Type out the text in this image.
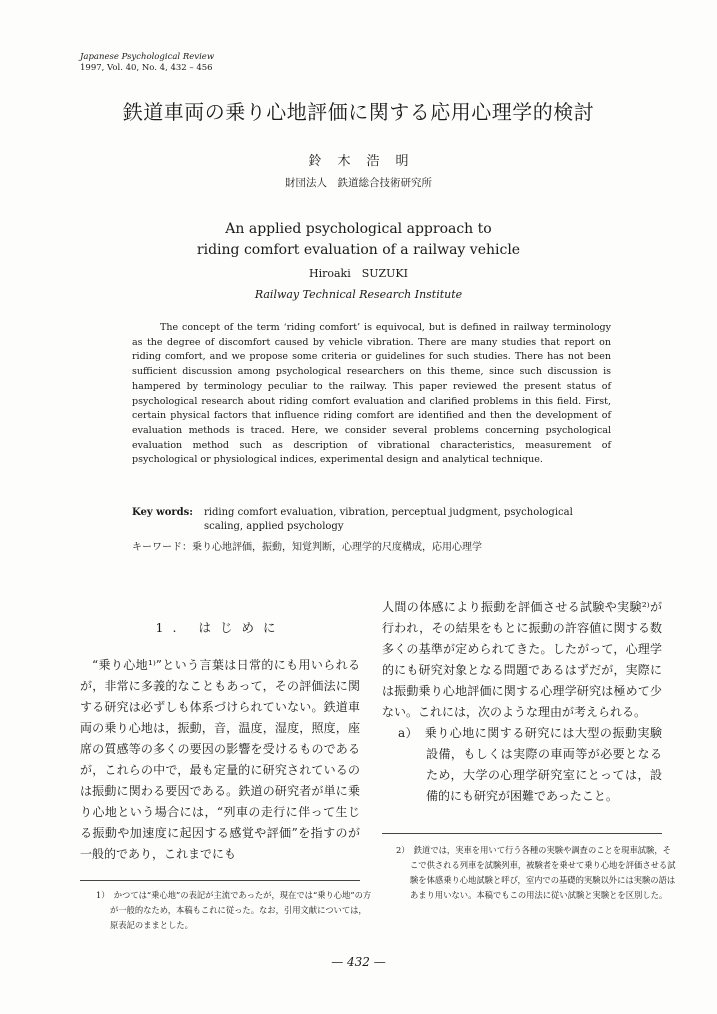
Japanese Psychological Review
1997, Vol. 40, No. 4, 432 – 456
鉄道車両の乗り心地評価に関する応用心理学的検討
鈴木浩明
財団法人　鉄道総合技術研究所
An applied psychological approach to
riding comfort evaluation of a railway vehicle
Hiroaki　SUZUKI
Railway Technical Research Institute
The concept of the term ‘riding comfort’ is equivocal, but is defined in railway terminology as the degree of discomfort caused by vehicle vibration. There are many studies that report on riding comfort, and we propose some criteria or guidelines for such studies. There has not been sufficient discussion among psychological researchers on this theme, since such discussion is hampered by terminology peculiar to the railway. This paper reviewed the present status of psychological research about riding comfort evaluation and clarified problems in this field. First, certain physical factors that influence riding comfort are identified and then the development of evaluation methods is traced. Here, we consider several problems concerning psychological evaluation method such as description of vibrational characteristics, measurement of psychological or physiological indices, experimental design and analytical technique.
Key words:	riding comfort evaluation, vibration, perceptual judgment, psychological scaling, applied psychology
キーワード：乗り心地評価，振動，知覚判断，心理学的尺度構成，応用心理学
1. はじめに
“乗り心地¹⁾”という言葉は日常的にも用いられるが，非常に多義的なこともあって，その評価法に関する研究は必ずしも体系づけられていない。鉄道車両の乗り心地は，振動，音，温度，湿度，照度，座席の質感等の多くの要因の影響を受けるものであるが，これらの中で，最も定量的に研究されているのは振動に関わる要因である。鉄道の研究者が単に乗り心地という場合には，“列車の走行に伴って生じる振動や加速度に起因する感覚や評価”を指すのが一般的であり，これまでにも
人間の体感により振動を評価させる試験や実験²⁾が行われ，その結果をもとに振動の許容値に関する数多くの基準が定められてきた。したがって，心理学的にも研究対象となる問題であるはずだが，実際には振動乗り心地評価に関する心理学研究は極めて少ない。これには，次のような理由が考えられる。
a）　乗り心地に関する研究には大型の振動実験設備，もしくは実際の車両等が必要となるため，大学の心理学研究室にとっては，設備的にも研究が困難であったこと。
2）　鉄道では，実車を用いて行う各種の実験や調査のことを現車試験，そこで供される列車を試験列車，被験者を乗せて乗り心地を評価させる試験を体感乗り心地試験と呼び，室内での基礎的実験以外には実験の語はあまり用いない。本稿でもこの用法に従い試験と実験とを区別した。
1）　かつては“乗心地”の表記が主流であったが，現在では“乗り心地”の方が一般的なため，本稿もこれに従った。なお，引用文献については，原表記のままとした。
— 432 —
